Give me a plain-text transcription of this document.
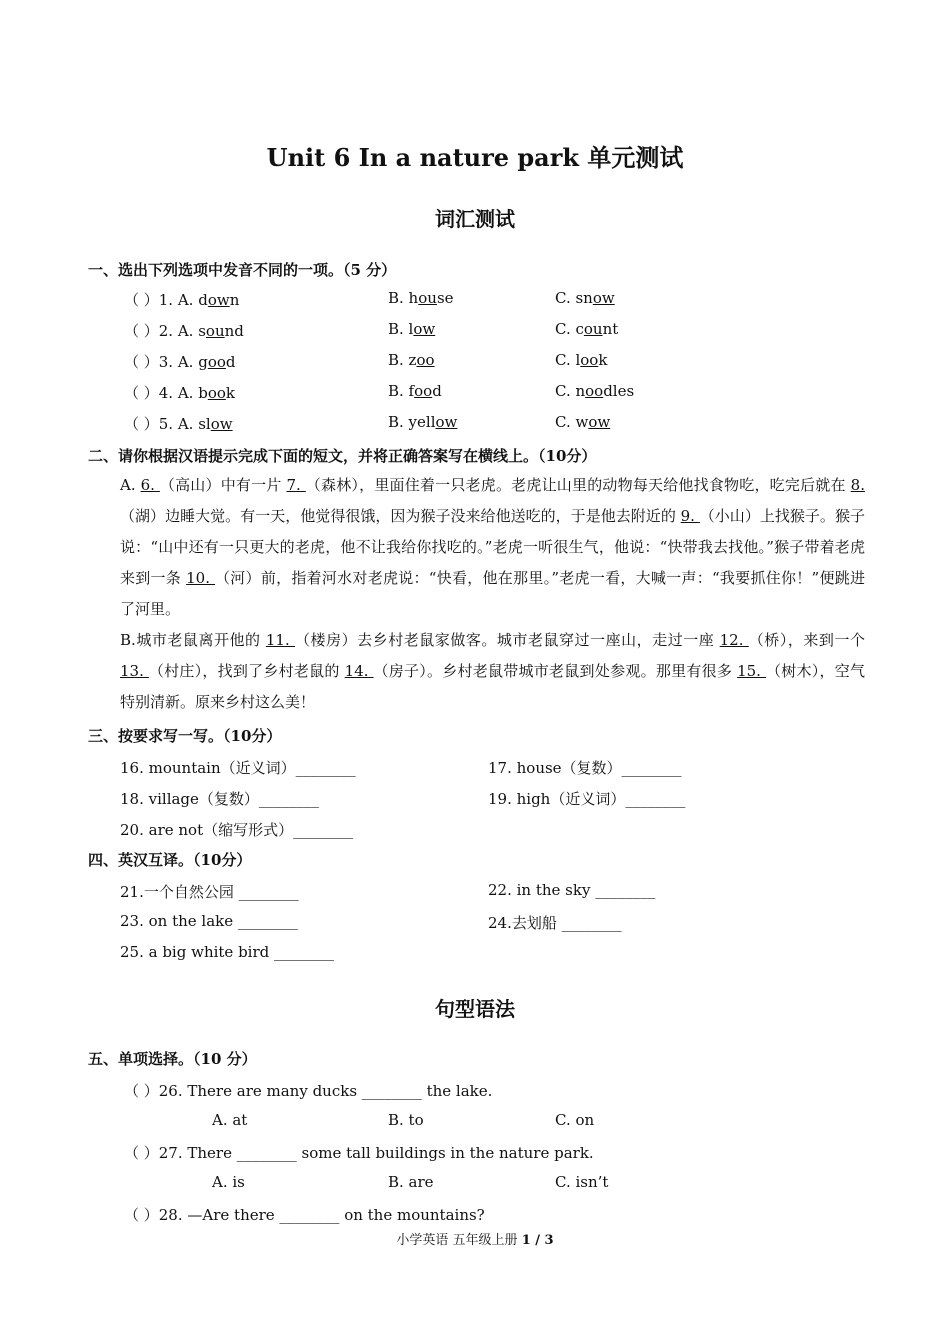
Unit 6 In a nature park 单元测试
词汇测试
一、选出下列选项中发音不同的一项。（5 分）
（ ）1. A. down	B. house	C. snow
（ ）2. A. sound	B. low	C. count
（ ）3. A. good	B. zoo	C. look
（ ）4. A. book	B. food	C. noodles
（ ）5. A. slow	B. yellow	C. wow
二、请你根据汉语提示完成下面的短文，并将正确答案写在横线上。（10分）
A. 6. （高山）中有一片 7. （森林），里面住着一只老虎。老虎让山里的动物每天给他找食物吃，吃完后就在 8. （湖）边睡大觉。有一天，他觉得很饿，因为猴子没来给他送吃的，于是他去附近的 9. （小山）上找猴子。猴子说：“山中还有一只更大的老虎，他不让我给你找吃的。”老虎一听很生气，他说：“快带我去找他。”猴子带着老虎来到一条 10. （河）前，指着河水对老虎说：“快看，他在那里。”老虎一看，大喊一声：“我要抓住你！”便跳进了河里。
B.城市老鼠离开他的 11. （楼房）去乡村老鼠家做客。城市老鼠穿过一座山，走过一座 12. （桥），来到一个 13. （村庄），找到了乡村老鼠的 14. （房子）。乡村老鼠带城市老鼠到处参观。那里有很多 15. （树木），空气特别清新。原来乡村这么美！
三、按要求写一写。（10分）
16. mountain（近义词）________	17. house（复数）________
18. village（复数）________	19. high（近义词）________
20. are not（缩写形式）________
四、英汉互译。（10分）
21.一个自然公园 ________	22. in the sky ________
23. on the lake ________	24.去划船 ________
25. a big white bird ________
句型语法
五、单项选择。（10 分）
（ ）26. There are many ducks ________ the lake.
A. at	B. to	C. on
（ ）27. There ________ some tall buildings in the nature park.
A. is	B. are	C. isn’t
（ ）28. —Are there ________ on the mountains?
小学英语 五年级上册 1 / 3
